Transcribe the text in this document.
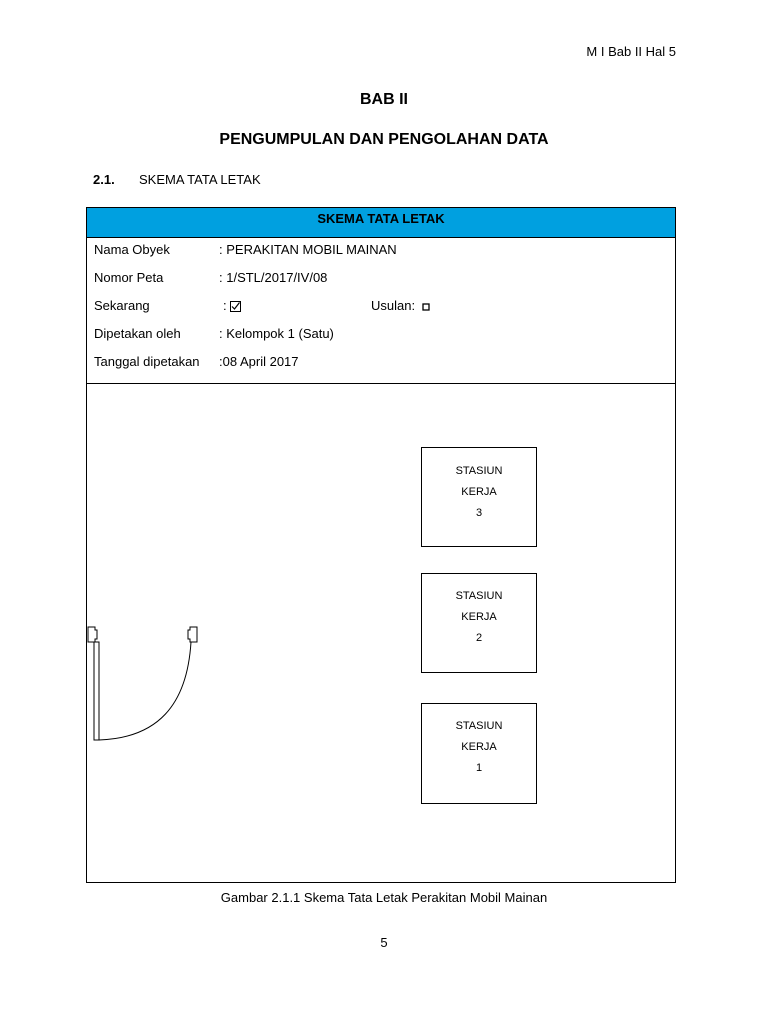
M I Bab II Hal 5
BAB II
PENGUMPULAN DAN PENGOLAHAN DATA
2.1. SKEMA TATA LETAK
SKEMA TATA LETAK
Nama Obyek	: PERAKITAN MOBIL MAINAN
Nomor Peta	: 1/STL/2017/IV/08
Sekarang	:	Usulan:
Dipetakan oleh	: Kelompok 1 (Satu)
Tanggal dipetakan :08 April 2017
STASIUN
KERJA
3
STASIUN
KERJA
2
STASIUN
KERJA
1
Gambar 2.1.1 Skema Tata Letak Perakitan Mobil Mainan
5
